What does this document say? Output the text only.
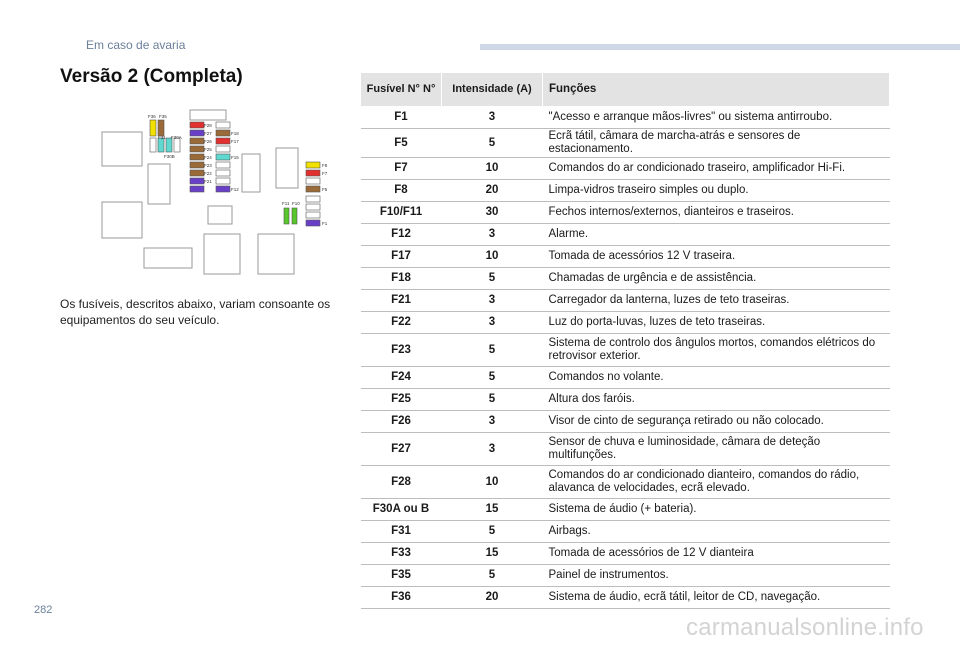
Em caso de avaria
Versão 2 (Completa)
F36 F35
F31 F30A
F30B
F28
F27
F26
F25
F24
F23
F22
F21
F18
F17
F15
F12
F8
F7
F5
F11 F10
F1
Os fusíveis, descritos abaixo, variam consoante os equipamentos do seu veículo.
Fusível N° N°	Intensidade (A)	Funções
F1	3	"Acesso e arranque mãos-livres" ou sistema antirroubo.
F5	5	Ecrã tátil, câmara de marcha-atrás e sensores de estacionamento.
F7	10	Comandos do ar condicionado traseiro, amplificador Hi-Fi.
F8	20	Limpa-vidros traseiro simples ou duplo.
F10/F11	30	Fechos internos/externos, dianteiros e traseiros.
F12	3	Alarme.
F17	10	Tomada de acessórios 12 V traseira.
F18	5	Chamadas de urgência e de assistência.
F21	3	Carregador da lanterna, luzes de teto traseiras.
F22	3	Luz do porta-luvas, luzes de teto traseiras.
F23	5	Sistema de controlo dos ângulos mortos, comandos elétricos do retrovisor exterior.
F24	5	Comandos no volante.
F25	5	Altura dos faróis.
F26	3	Visor de cinto de segurança retirado ou não colocado.
F27	3	Sensor de chuva e luminosidade, câmara de deteção multifunções.
F28	10	Comandos do ar condicionado dianteiro, comandos do rádio, alavanca de velocidades, ecrã elevado.
F30A ou B	15	Sistema de áudio (+ bateria).
F31	5	Airbags.
F33	15	Tomada de acessórios de 12 V dianteira
F35	5	Painel de instrumentos.
F36	20	Sistema de áudio, ecrã tátil, leitor de CD, navegação.
282
carmanualsonline.info
